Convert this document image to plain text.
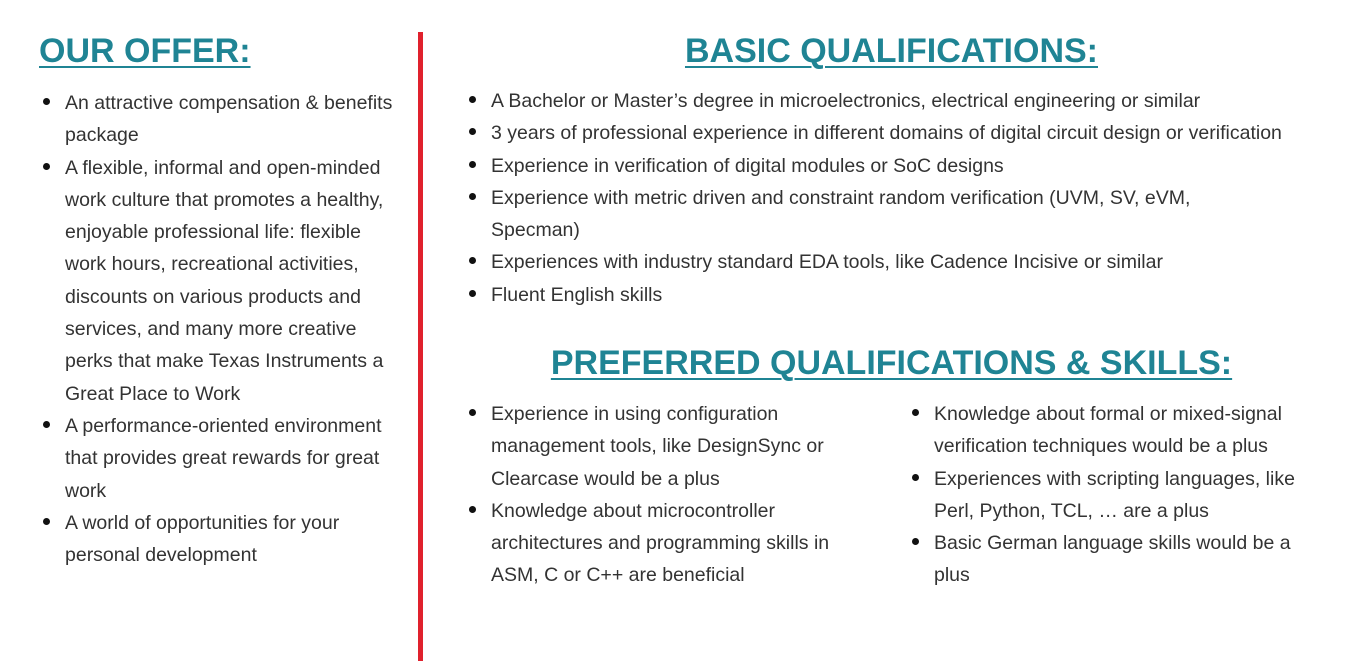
OUR OFFER:
An attractive compensation & benefits package
A flexible, informal and open-minded work culture that promotes a healthy, enjoyable professional life: flexible work hours, recreational activities, discounts on various products and services, and many more creative perks that make Texas Instruments a Great Place to Work
A performance-oriented environment that provides great rewards for great work
A world of opportunities for your personal development
BASIC QUALIFICATIONS:
A Bachelor or Master’s degree in microelectronics, electrical engineering or similar
3 years of professional experience in different domains of digital circuit design or verification
Experience in verification of digital modules or SoC designs
Experience with metric driven and constraint random verification (UVM, SV, eVM, Specman)
Experiences with industry standard EDA tools, like Cadence Incisive or similar
Fluent English skills
PREFERRED QUALIFICATIONS & SKILLS:
Experience in using configuration management tools, like DesignSync or Clearcase would be a plus
Knowledge about microcontroller architectures and programming skills in ASM, C or C++ are beneficial
Knowledge about formal or mixed-signal verification techniques would be a plus
Experiences with scripting languages, like Perl, Python, TCL, … are a plus
Basic German language skills would be a plus
